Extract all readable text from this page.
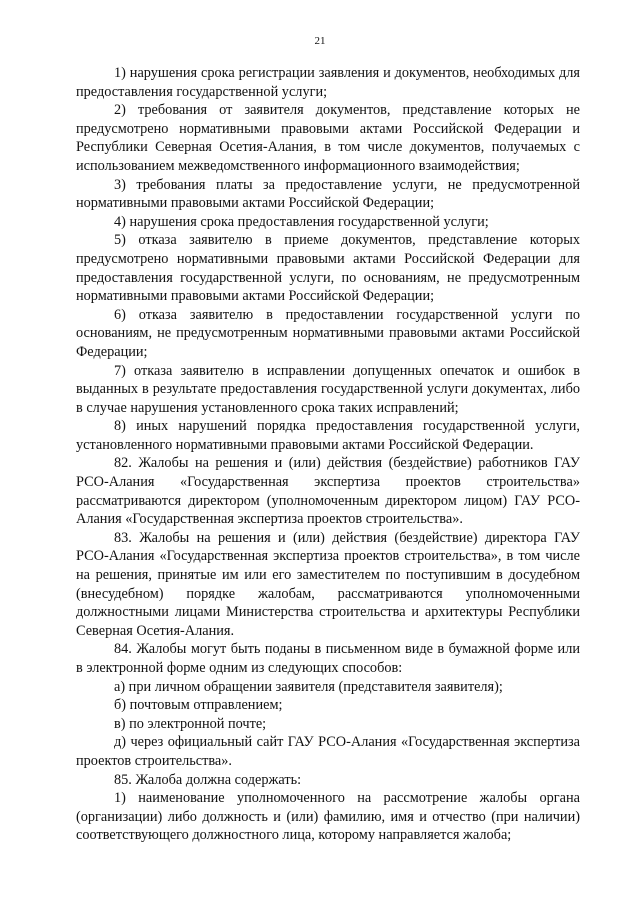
21

1) нарушения срока регистрации заявления и документов, необходимых для предоставления государственной услуги;

2) требования от заявителя документов, представление которых не предусмотрено нормативными правовыми актами Российской Федерации и Республики Северная Осетия-Алания, в том числе документов, получаемых с использованием межведомственного информационного взаимодействия;

3) требования платы за предоставление услуги, не предусмотренной нормативными правовыми актами Российской Федерации;

4) нарушения срока предоставления государственной услуги;

5) отказа заявителю в приеме документов, представление которых предусмотрено нормативными правовыми актами Российской Федерации для предоставления государственной услуги, по основаниям, не предусмотренным нормативными правовыми актами Российской Федерации;

6) отказа заявителю в предоставлении государственной услуги по основаниям, не предусмотренным нормативными правовыми актами Российской Федерации;

7) отказа заявителю в исправлении допущенных опечаток и ошибок в выданных в результате предоставления государственной услуги документах, либо в случае нарушения установленного срока таких исправлений;

8) иных нарушений порядка предоставления государственной услуги, установленного нормативными правовыми актами Российской Федерации.

82. Жалобы на решения и (или) действия (бездействие) работников ГАУ РСО-Алания «Государственная экспертиза проектов строительства» рассматриваются директором (уполномоченным директором лицом) ГАУ РСО-Алания «Государственная экспертиза проектов строительства».

83. Жалобы на решения и (или) действия (бездействие) директора ГАУ РСО-Алания «Государственная экспертиза проектов строительства», в том числе на решения, принятые им или его заместителем по поступившим в досудебном (внесудебном) порядке жалобам, рассматриваются уполномоченными должностными лицами Министерства строительства и архитектуры Республики Северная Осетия-Алания.

84. Жалобы могут быть поданы в письменном виде в бумажной форме или в электронной форме одним из следующих способов:

а) при личном обращении заявителя (представителя заявителя);

б) почтовым отправлением;

в) по электронной почте;

д) через официальный сайт ГАУ РСО-Алания «Государственная экспертиза проектов строительства».

85. Жалоба должна содержать:

1) наименование уполномоченного на рассмотрение жалобы органа (организации) либо должность и (или) фамилию, имя и отчество (при наличии) соответствующего должностного лица, которому направляется жалоба;
